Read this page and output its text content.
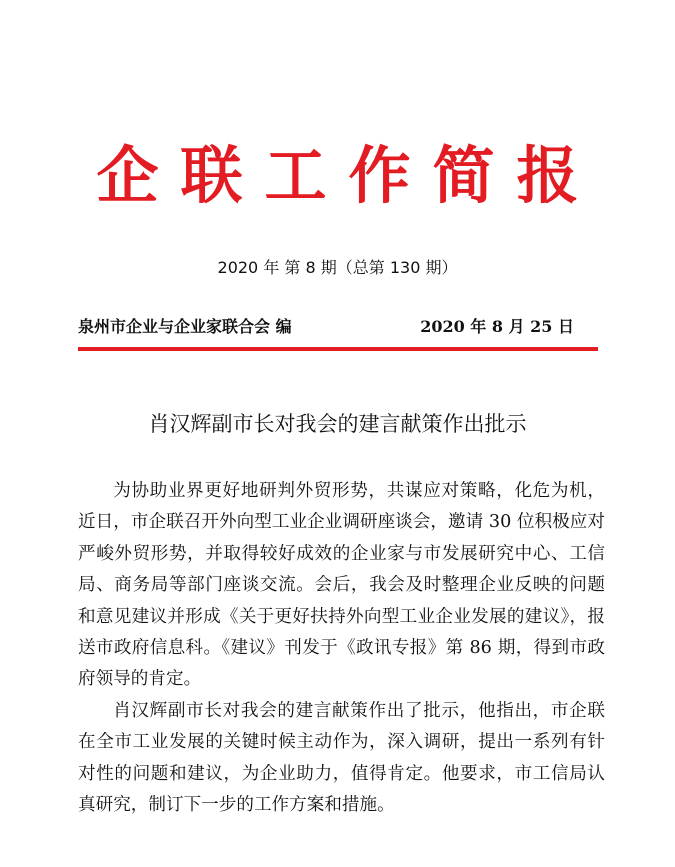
企联工作简报
2020 年 第 8 期（总第 130 期）
泉州市企业与企业家联合会 编	2020 年 8 月 25 日
肖汉辉副市长对我会的建言献策作出批示

为协助业界更好地研判外贸形势，共谋应对策略，化危为机，近日，市企联召开外向型工业企业调研座谈会，邀请 30 位积极应对严峻外贸形势，并取得较好成效的企业家与市发展研究中心、工信局、商务局等部门座谈交流。会后，我会及时整理企业反映的问题和意见建议并形成《关于更好扶持外向型工业企业发展的建议》，报送市政府信息科。《建议》刊发于《政讯专报》第 86 期，得到市政府领导的肯定。

肖汉辉副市长对我会的建言献策作出了批示，他指出，市企联在全市工业发展的关键时候主动作为，深入调研，提出一系列有针对性的问题和建议，为企业助力，值得肯定。他要求，市工信局认真研究，制订下一步的工作方案和措施。
